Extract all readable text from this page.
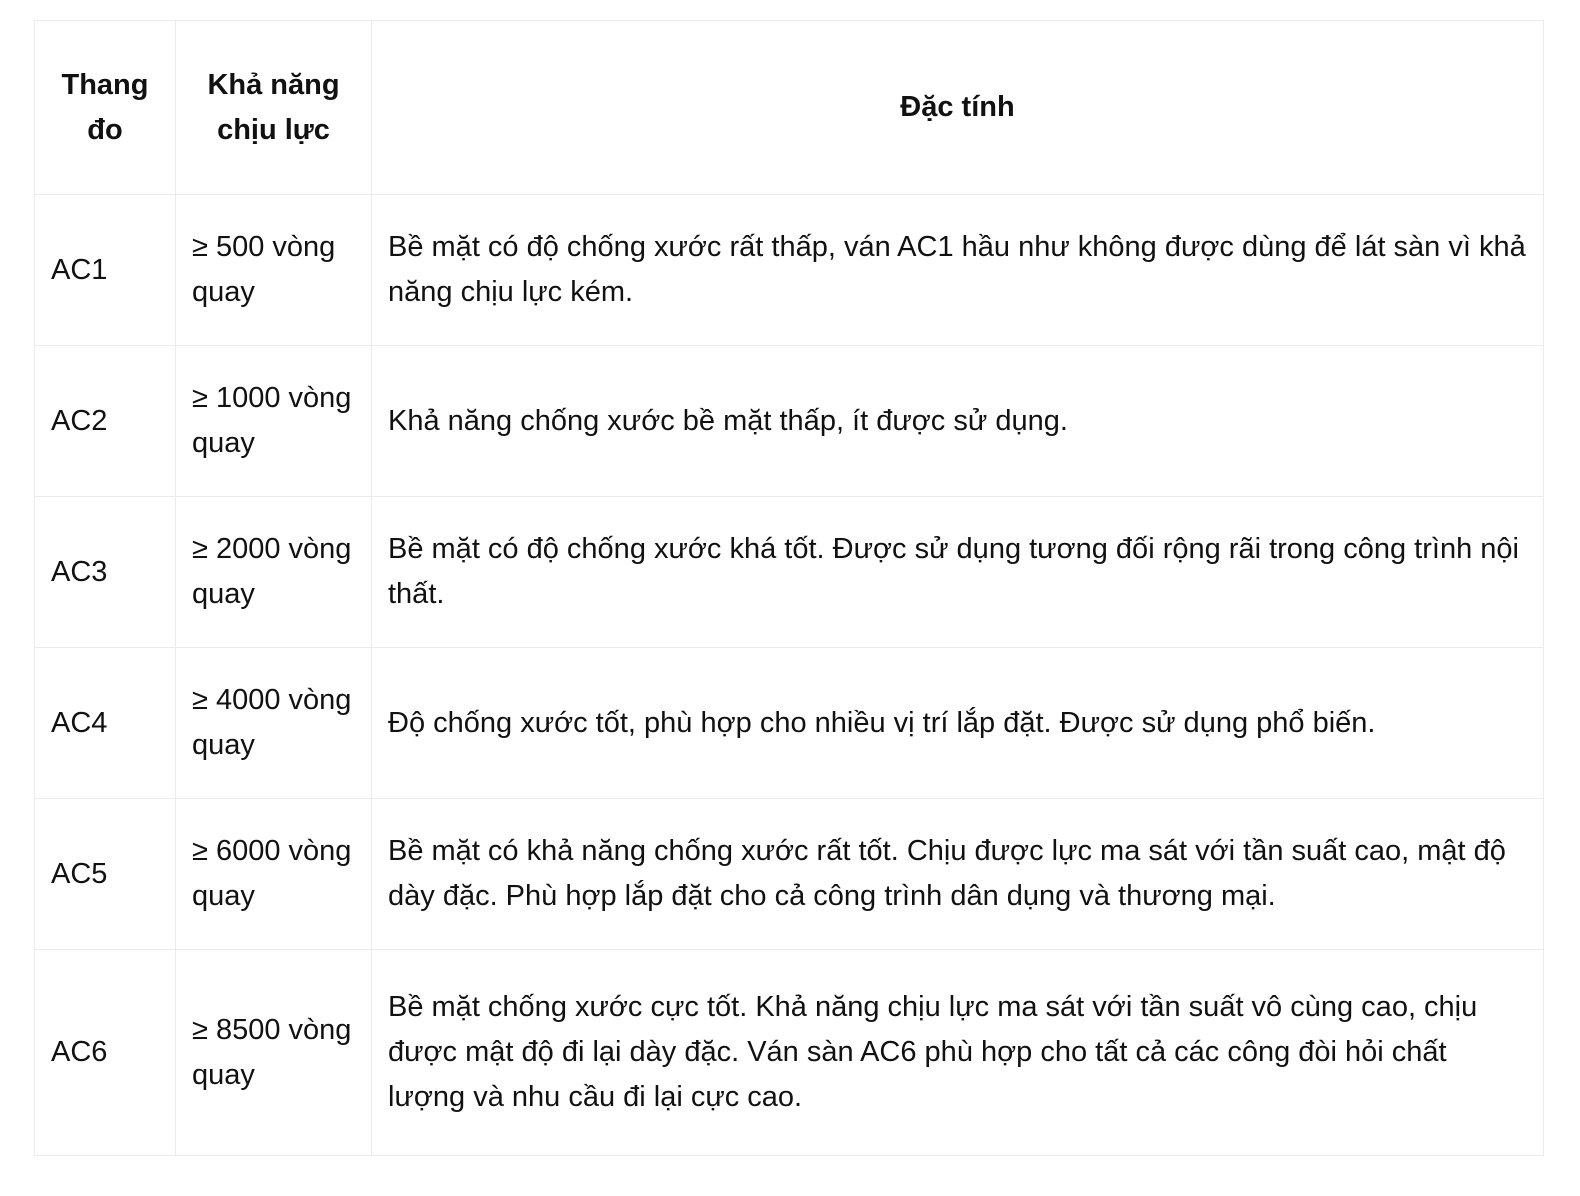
Thang đo	Khả năng chịu lực	Đặc tính
AC1	≥ 500 vòng quay	Bề mặt có độ chống xước rất thấp, ván AC1 hầu như không được dùng để lát sàn vì khả năng chịu lực kém.
AC2	≥ 1000 vòng quay	Khả năng chống xước bề mặt thấp, ít được sử dụng.
AC3	≥ 2000 vòng quay	Bề mặt có độ chống xước khá tốt. Được sử dụng tương đối rộng rãi trong công trình nội thất.
AC4	≥ 4000 vòng quay	Độ chống xước tốt, phù hợp cho nhiều vị trí lắp đặt. Được sử dụng phổ biến.
AC5	≥ 6000 vòng quay	Bề mặt có khả năng chống xước rất tốt. Chịu được lực ma sát với tần suất cao, mật độ dày đặc. Phù hợp lắp đặt cho cả công trình dân dụng và thương mại.
AC6	≥ 8500 vòng quay	Bề mặt chống xước cực tốt. Khả năng chịu lực ma sát với tần suất vô cùng cao, chịu được mật độ đi lại dày đặc. Ván sàn AC6 phù hợp cho tất cả các công đòi hỏi chất lượng và nhu cầu đi lại cực cao.
